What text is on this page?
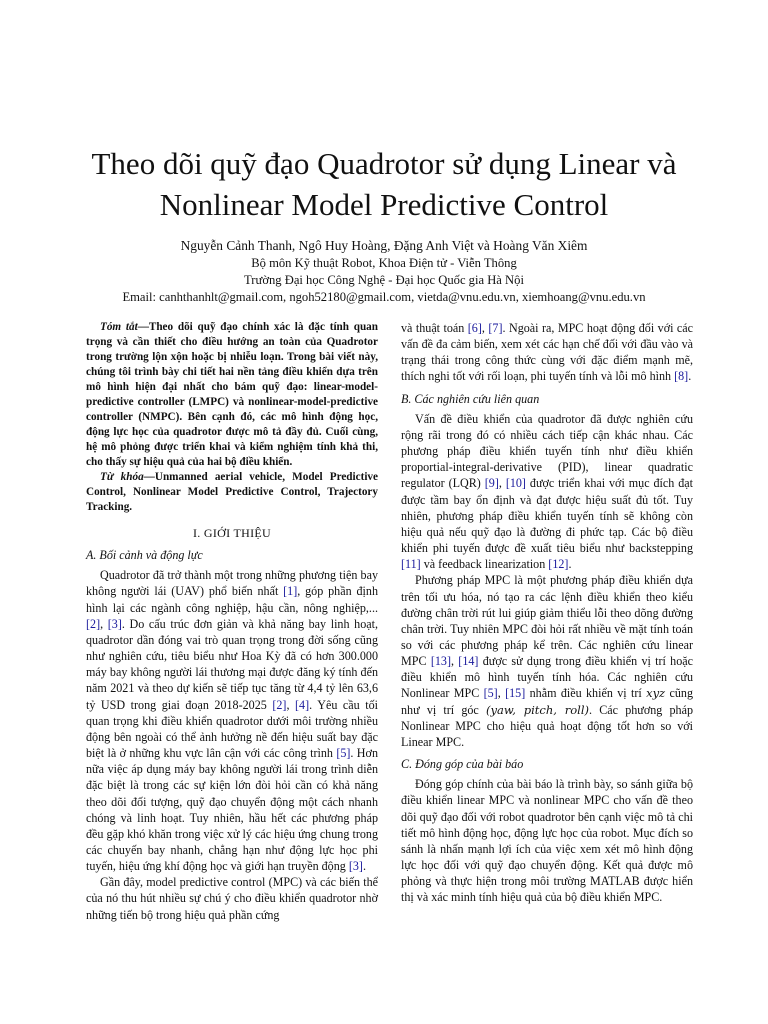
Theo dõi quỹ đạo Quadrotor sử dụng Linear và
Nonlinear Model Predictive Control
Nguyễn Cảnh Thanh, Ngô Huy Hoàng, Đặng Anh Việt và Hoàng Văn Xiêm
Bộ môn Kỹ thuật Robot, Khoa Điện tử - Viễn Thông
Trường Đại học Công Nghệ - Đại học Quốc gia Hà Nội
Email: canhthanhlt@gmail.com, ngoh52180@gmail.com, vietda@vnu.edu.vn, xiemhoang@vnu.edu.vn

Tóm tắt—Theo dõi quỹ đạo chính xác là đặc tính quan trọng và cần thiết cho điều hướng an toàn của Quadrotor trong trường lộn xộn hoặc bị nhiễu loạn. Trong bài viết này, chúng tôi trình bày chi tiết hai nền tảng điều khiển dựa trên mô hình hiện đại nhất cho bám quỹ đạo: linear-model-predictive controller (LMPC) và nonlinear-model-predictive controller (NMPC). Bên cạnh đó, các mô hình động học, động lực học của quadrotor được mô tả đầy đủ. Cuối cùng, hệ mô phỏng được triển khai và kiểm nghiệm tính khả thi, cho thấy sự hiệu quả của hai bộ điều khiển.

Từ khóa—Unmanned aerial vehicle, Model Predictive Control, Nonlinear Model Predictive Control, Trajectory Tracking.

I. GIỚI THIỆU
A. Bối cảnh và động lực

Quadrotor đã trở thành một trong những phương tiện bay không người lái (UAV) phổ biến nhất [1], góp phần định hình lại các ngành công nghiệp, hậu cần, nông nghiệp,... [2], [3]. Do cấu trúc đơn giản và khả năng bay linh hoạt, quadrotor dần đóng vai trò quan trọng trong đời sống cũng như nghiên cứu, tiêu biểu như Hoa Kỳ đã có hơn 300.000 máy bay không người lái thương mại được đăng ký tính đến năm 2021 và theo dự kiến sẽ tiếp tục tăng từ 4,4 tỷ lên 63,6 tỷ USD trong giai đoạn 2018-2025 [2], [4]. Yêu cầu tối quan trọng khi điều khiển quadrotor dưới môi trường nhiều động bên ngoài có thể ảnh hưởng nề đến hiệu suất bay đặc biệt là ở những khu vực lân cận với các công trình [5]. Hơn nữa việc áp dụng máy bay không người lái trong trình diễn đặc biệt là trong các sự kiện lớn đòi hỏi cần có khả năng theo dõi đối tượng, quỹ đạo chuyển động một cách nhanh chóng và linh hoạt. Tuy nhiên, hầu hết các phương pháp đều gặp khó khăn trong việc xử lý các hiệu ứng chung trong các chuyến bay nhanh, chẳng hạn như động lực học phi tuyến, hiệu ứng khí động học và giới hạn truyền động [3].

Gần đây, model predictive control (MPC) và các biến thể của nó thu hút nhiều sự chú ý cho điều khiển quadrotor nhờ những tiến bộ trong hiệu quả phần cứng

và thuật toán [6], [7]. Ngoài ra, MPC hoạt động đối với các vấn đề đa cảm biến, xem xét các hạn chế đối với đầu vào và trạng thái trong công thức cùng với đặc điểm mạnh mẽ, thích nghi tốt với rối loạn, phi tuyến tính và lỗi mô hình [8].

B. Các nghiên cứu liên quan

Vấn đề điều khiển của quadrotor đã được nghiên cứu rộng rãi trong đó có nhiều cách tiếp cận khác nhau. Các phương pháp điều khiển tuyến tính như điều khiển proportial-integral-derivative (PID), linear quadratic regulator (LQR) [9], [10] được triển khai với mục đích đạt được tầm bay ổn định và đạt được hiệu suất đủ tốt. Tuy nhiên, phương pháp điều khiển tuyến tính sẽ không còn hiệu quả nếu quỹ đạo là đường đi phức tạp. Các bộ điều khiển phi tuyến được đề xuất tiêu biểu như backstepping [11] và feedback linearization [12].

Phương pháp MPC là một phương pháp điều khiển dựa trên tối ưu hóa, nó tạo ra các lệnh điều khiển theo kiểu đường chân trời rút lui giúp giảm thiểu lỗi theo dõng đường chân trời. Tuy nhiên MPC đòi hỏi rất nhiều về mặt tính toán so với các phương pháp kể trên. Các nghiên cứu linear MPC [13], [14] được sử dụng trong điều khiển vị trí hoặc điều khiển mô hình tuyến tính hóa. Các nghiên cứu Nonlinear MPC [5], [15] nhằm điều khiển vị trí xyz cũng như vị trí góc (yaw, pitch, roll). Các phương pháp Nonlinear MPC cho hiệu quả hoạt động tốt hơn so với Linear MPC.

C. Đóng góp của bài báo

Đóng góp chính của bài báo là trình bày, so sánh giữa bộ điều khiển linear MPC và nonlinear MPC cho vấn đề theo dõi quỹ đạo đối với robot quadrotor bên cạnh việc mô tả chi tiết mô hình động học, động lực học của robot. Mục đích so sánh là nhấn mạnh lợi ích của việc xem xét mô hình động lực học đối với quỹ đạo chuyển động. Kết quả được mô phỏng và thực hiện trong môi trường MATLAB được hiển thị và xác minh tính hiệu quả của bộ điều khiển MPC.
